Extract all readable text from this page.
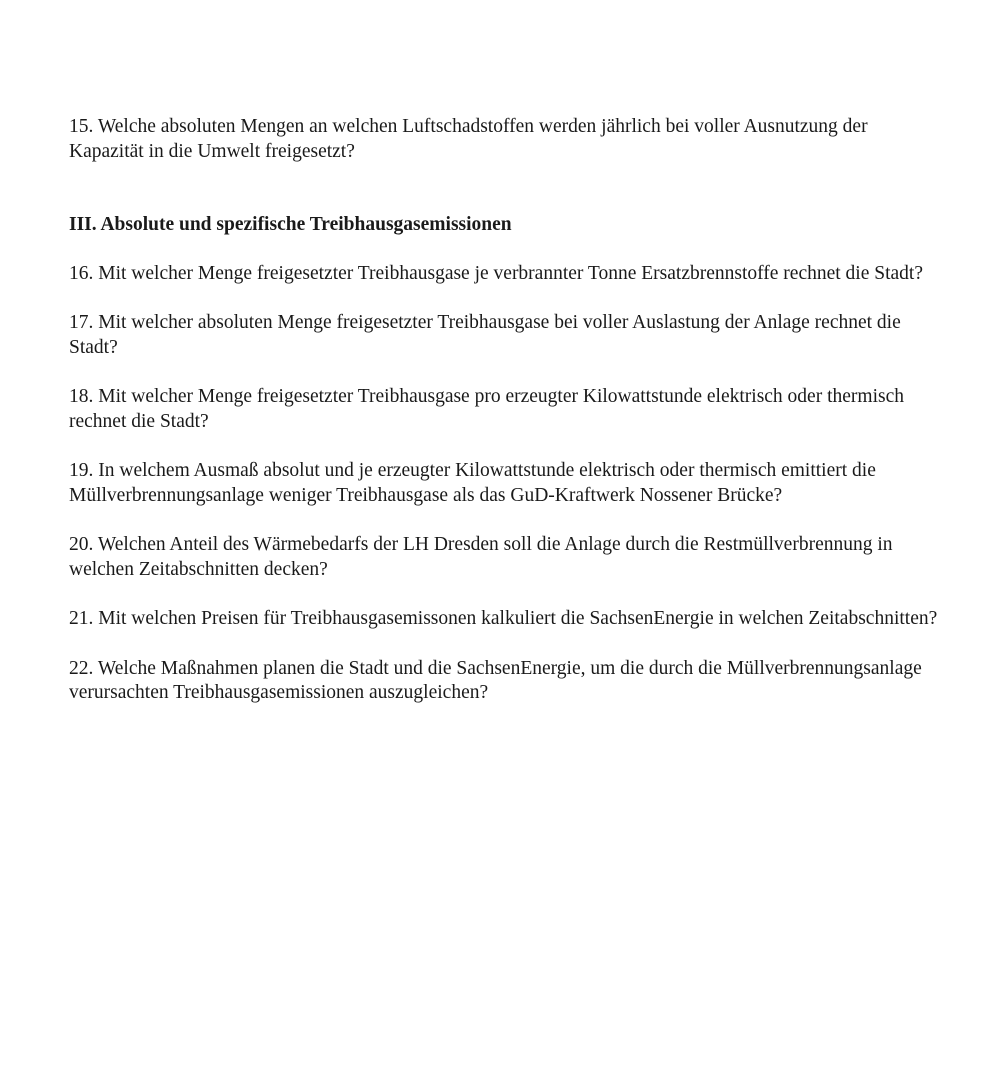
15. Welche absoluten Mengen an welchen Luftschadstoffen werden jährlich bei voller Ausnutzung der Kapazität in die Umwelt freigesetzt?

III. Absolute und spezifische Treibhausgasemissionen

16. Mit welcher Menge freigesetzter Treibhausgase je verbrannter Tonne Ersatzbrennstoffe rechnet die Stadt?

17. Mit welcher absoluten Menge freigesetzter Treibhausgase bei voller Auslastung der Anlage rechnet die Stadt?

18. Mit welcher Menge freigesetzter Treibhausgase pro erzeugter Kilowattstunde elektrisch oder thermisch rechnet die Stadt?

19. In welchem Ausmaß absolut und je erzeugter Kilowattstunde elektrisch oder thermisch emittiert die Müllverbrennungsanlage weniger Treibhausgase als das GuD-Kraftwerk Nossener Brücke?

20. Welchen Anteil des Wärmebedarfs der LH Dresden soll die Anlage durch die Restmüllverbrennung in welchen Zeitabschnitten decken?

21. Mit welchen Preisen für Treibhausgasemissonen kalkuliert die SachsenEnergie in welchen Zeitabschnitten?

22. Welche Maßnahmen planen die Stadt und die SachsenEnergie, um die durch die Müllverbrennungsanlage verursachten Treibhausgasemissionen auszugleichen?
